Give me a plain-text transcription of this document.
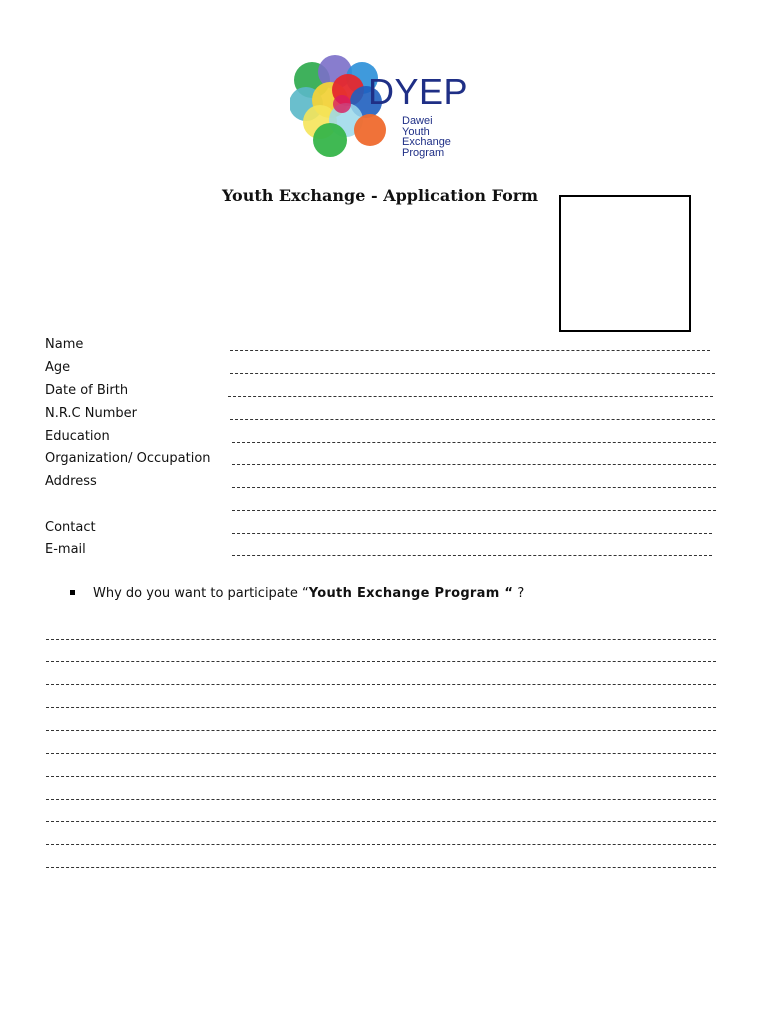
DYEP
Dawei
Youth
Exchange
Program
Youth Exchange - Application Form
Name
Age
Date of Birth
N.R.C Number
Education
Organization/ Occupation
Address
Contact
E-mail
Why do you want to participate “Youth Exchange Program “ ?
